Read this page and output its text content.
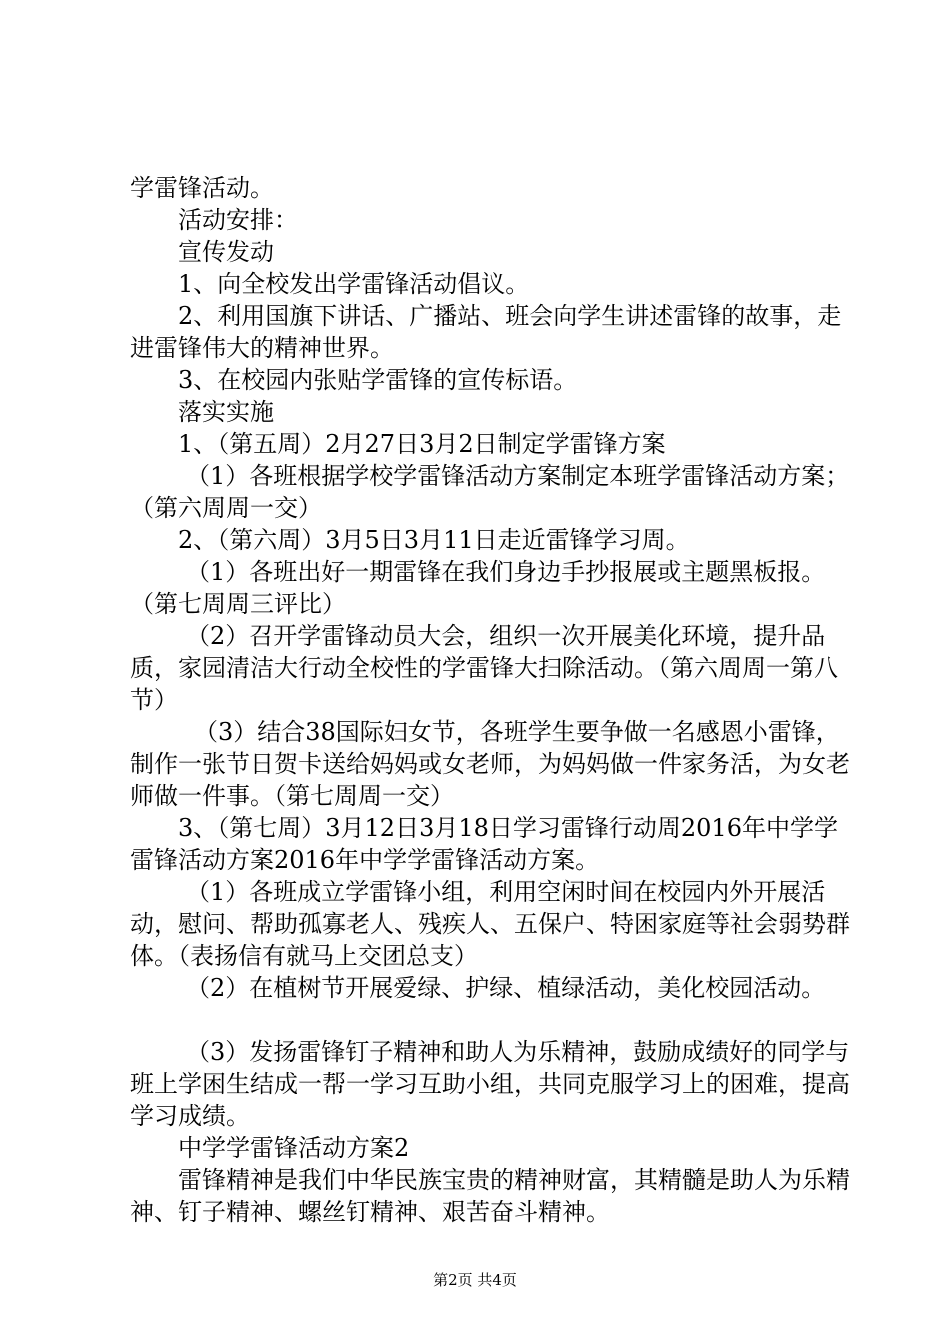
学雷锋活动。

活动安排：

宣传发动

1、向全校发出学雷锋活动倡议。

2、利用国旗下讲话、广播站、班会向学生讲述雷锋的故事，走进雷锋伟大的精神世界。

3、在校园内张贴学雷锋的宣传标语。

落实实施

1、（第五周）2月27日3月2日制定学雷锋方案

（1）各班根据学校学雷锋活动方案制定本班学雷锋活动方案；（第六周周一交）

2、（第六周）3月5日3月11日走近雷锋学习周。

（1）各班出好一期雷锋在我们身边手抄报展或主题黑板报。（第七周周三评比）

（2）召开学雷锋动员大会，组织一次开展美化环境，提升品质，家园清洁大行动全校性的学雷锋大扫除活动。（第六周周一第八节）

（3）结合38国际妇女节，各班学生要争做一名感恩小雷锋，制作一张节日贺卡送给妈妈或女老师，为妈妈做一件家务活，为女老师做一件事。（第七周周一交）

3、（第七周）3月12日3月18日学习雷锋行动周2016年中学学雷锋活动方案2016年中学学雷锋活动方案。

（1）各班成立学雷锋小组，利用空闲时间在校园内外开展活动，慰问、帮助孤寡老人、残疾人、五保户、特困家庭等社会弱势群体。（表扬信有就马上交团总支）

（2）在植树节开展爱绿、护绿、植绿活动，美化校园活动。

（3）发扬雷锋钉子精神和助人为乐精神，鼓励成绩好的同学与班上学困生结成一帮一学习互助小组，共同克服学习上的困难，提高学习成绩。

中学学雷锋活动方案2

雷锋精神是我们中华民族宝贵的精神财富，其精髓是助人为乐精神、钉子精神、螺丝钉精神、艰苦奋斗精神。

第2页 共4页
